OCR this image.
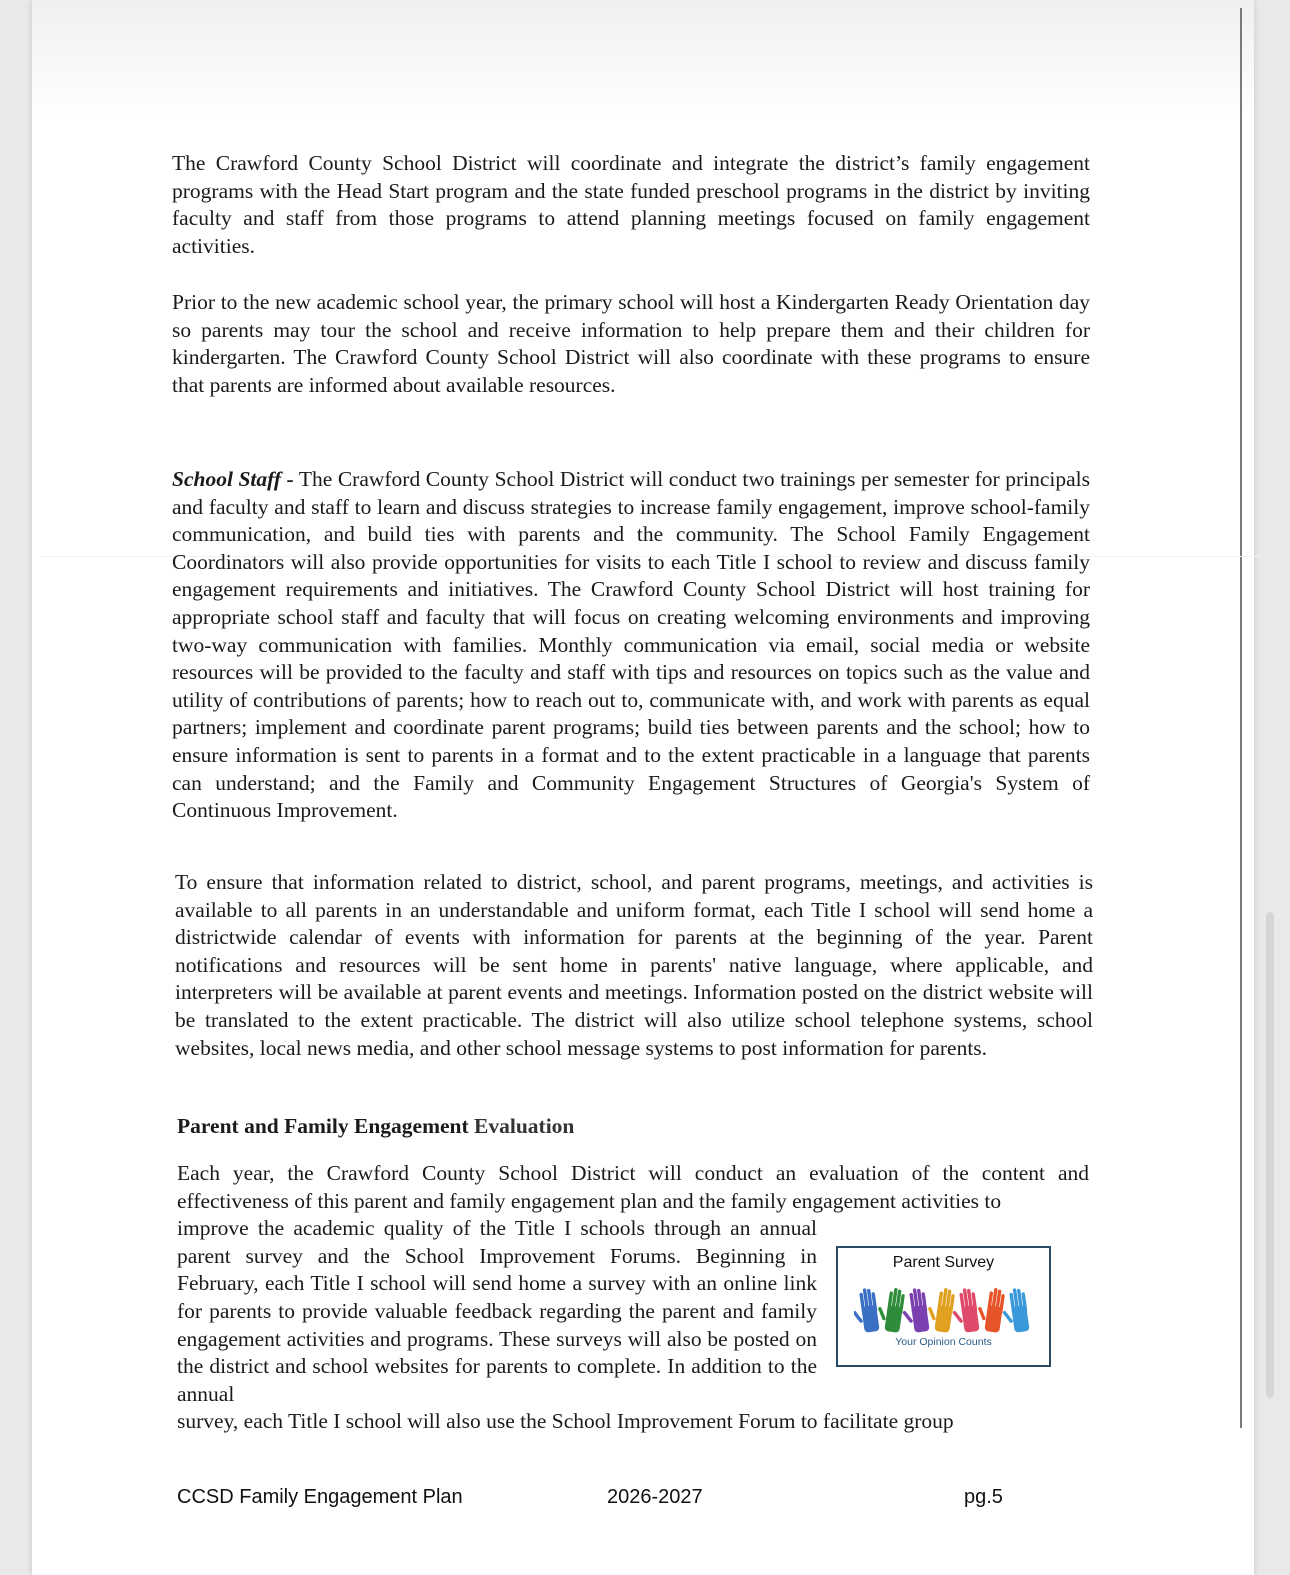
The Crawford County School District will coordinate and integrate the district’s family engagement programs with the Head Start program and the state funded preschool programs in the district by inviting faculty and staff from those programs to attend planning meetings focused on family engagement activities.

Prior to the new academic school year, the primary school will host a Kindergarten Ready Orientation day so parents may tour the school and receive information to help prepare them and their children for kindergarten. The Crawford County School District will also coordinate with these programs to ensure that parents are informed about available resources.

School Staff - The Crawford County School District will conduct two trainings per semester for principals and faculty and staff to learn and discuss strategies to increase family engagement, improve school-family communication, and build ties with parents and the community. The School Family Engagement Coordinators will also provide opportunities for visits to each Title I school to review and discuss family engagement requirements and initiatives. The Crawford County School District will host training for appropriate school staff and faculty that will focus on creating welcoming environments and improving two-way communication with families. Monthly communication via email, social media or website resources will be provided to the faculty and staff with tips and resources on topics such as the value and utility of contributions of parents; how to reach out to, communicate with, and work with parents as equal partners; implement and coordinate parent programs; build ties between parents and the school; how to ensure information is sent to parents in a format and to the extent practicable in a language that parents can understand; and the Family and Community Engagement Structures of Georgia's System of Continuous Improvement.

To ensure that information related to district, school, and parent programs, meetings, and activities is available to all parents in an understandable and uniform format, each Title I school will send home a districtwide calendar of events with information for parents at the beginning of the year. Parent notifications and resources will be sent home in parents' native language, where applicable, and interpreters will be available at parent events and meetings. Information posted on the district website will be translated to the extent practicable. The district will also utilize school telephone systems, school websites, local news media, and other school message systems to post information for parents.

Parent and Family Engagement Evaluation

Each year, the Crawford County School District will conduct an evaluation of the content and effectiveness of this parent and family engagement plan and the family engagement activities to

improve the academic quality of the Title I schools through an annual parent survey and the School Improvement Forums. Beginning in February, each Title I school will send home a survey with an online link for parents to provide valuable feedback regarding the parent and family engagement activities and programs. These surveys will also be posted on the district and school websites for parents to complete. In addition to the annual

survey, each Title I school will also use the School Improvement Forum to facilitate group

Parent Survey
Your Opinion Counts
CCSD Family Engagement Plan	2026-2027	pg.5
